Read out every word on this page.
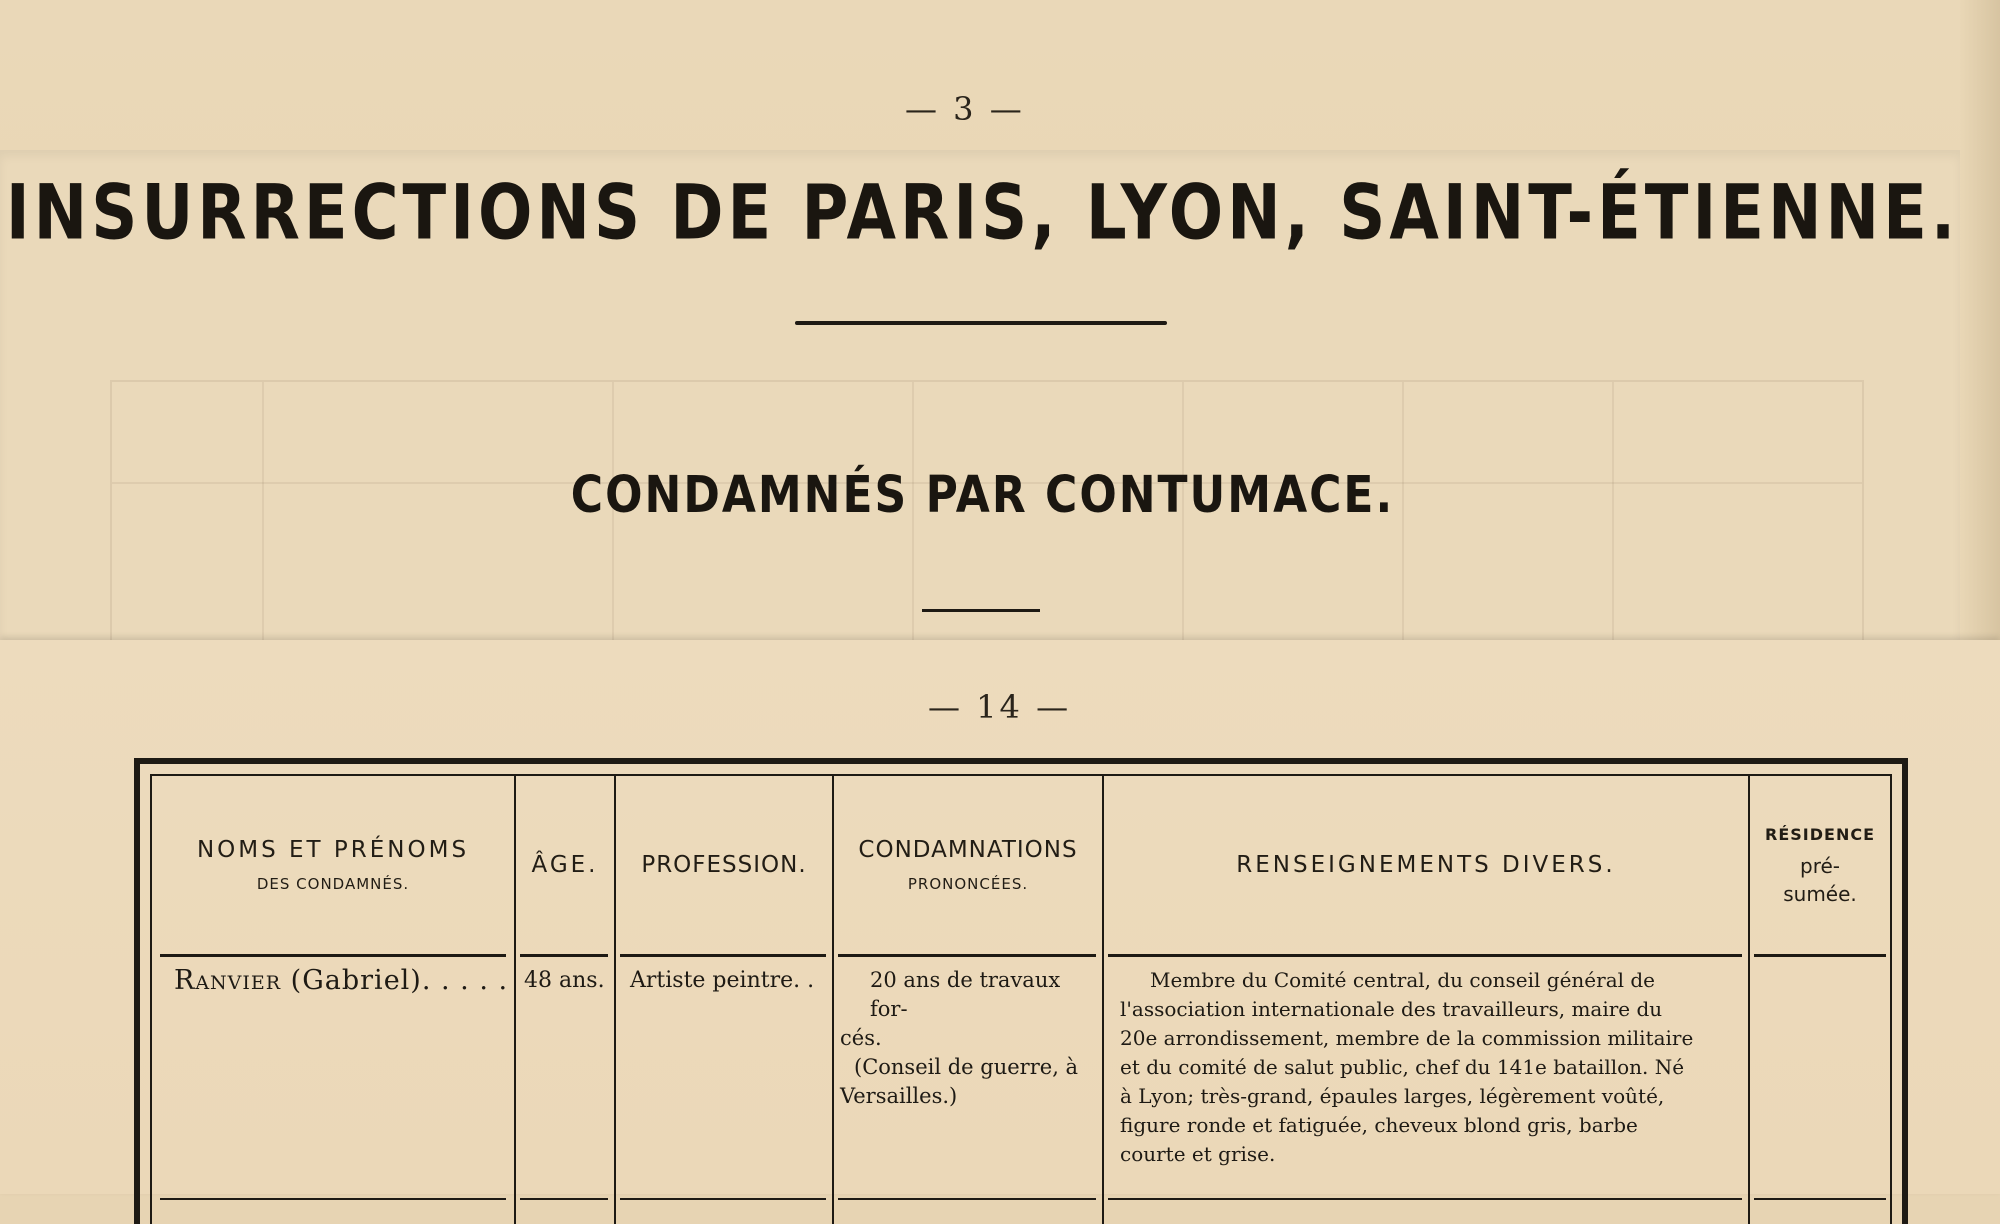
— 3 —
INSURRECTIONS DE PARIS, LYON, SAINT-ÉTIENNE.
CONDAMNÉS PAR CONTUMACE.
— 14 —
NOMS ET PRÉNOMS
DES CONDAMNÉS.
ÂGE. PROFESSION.
CONDAMNATIONS
PRONONCÉES.
RENSEIGNEMENTS DIVERS.
RÉSIDENCE
pré-
sumée.
Ranvier (Gabriel). . . . . 48 ans.	Artiste peintre. .	20 ans de travaux for-
cés.
(Conseil de guerre, à
Versailles.)
Membre du Comité central, du conseil général de
l'association internationale des travailleurs, maire du
20e arrondissement, membre de la commission militaire
et du comité de salut public, chef du 141e bataillon. Né
à Lyon; très-grand, épaules larges, légèrement voûté,
figure ronde et fatiguée, cheveux blond gris, barbe
courte et grise.
